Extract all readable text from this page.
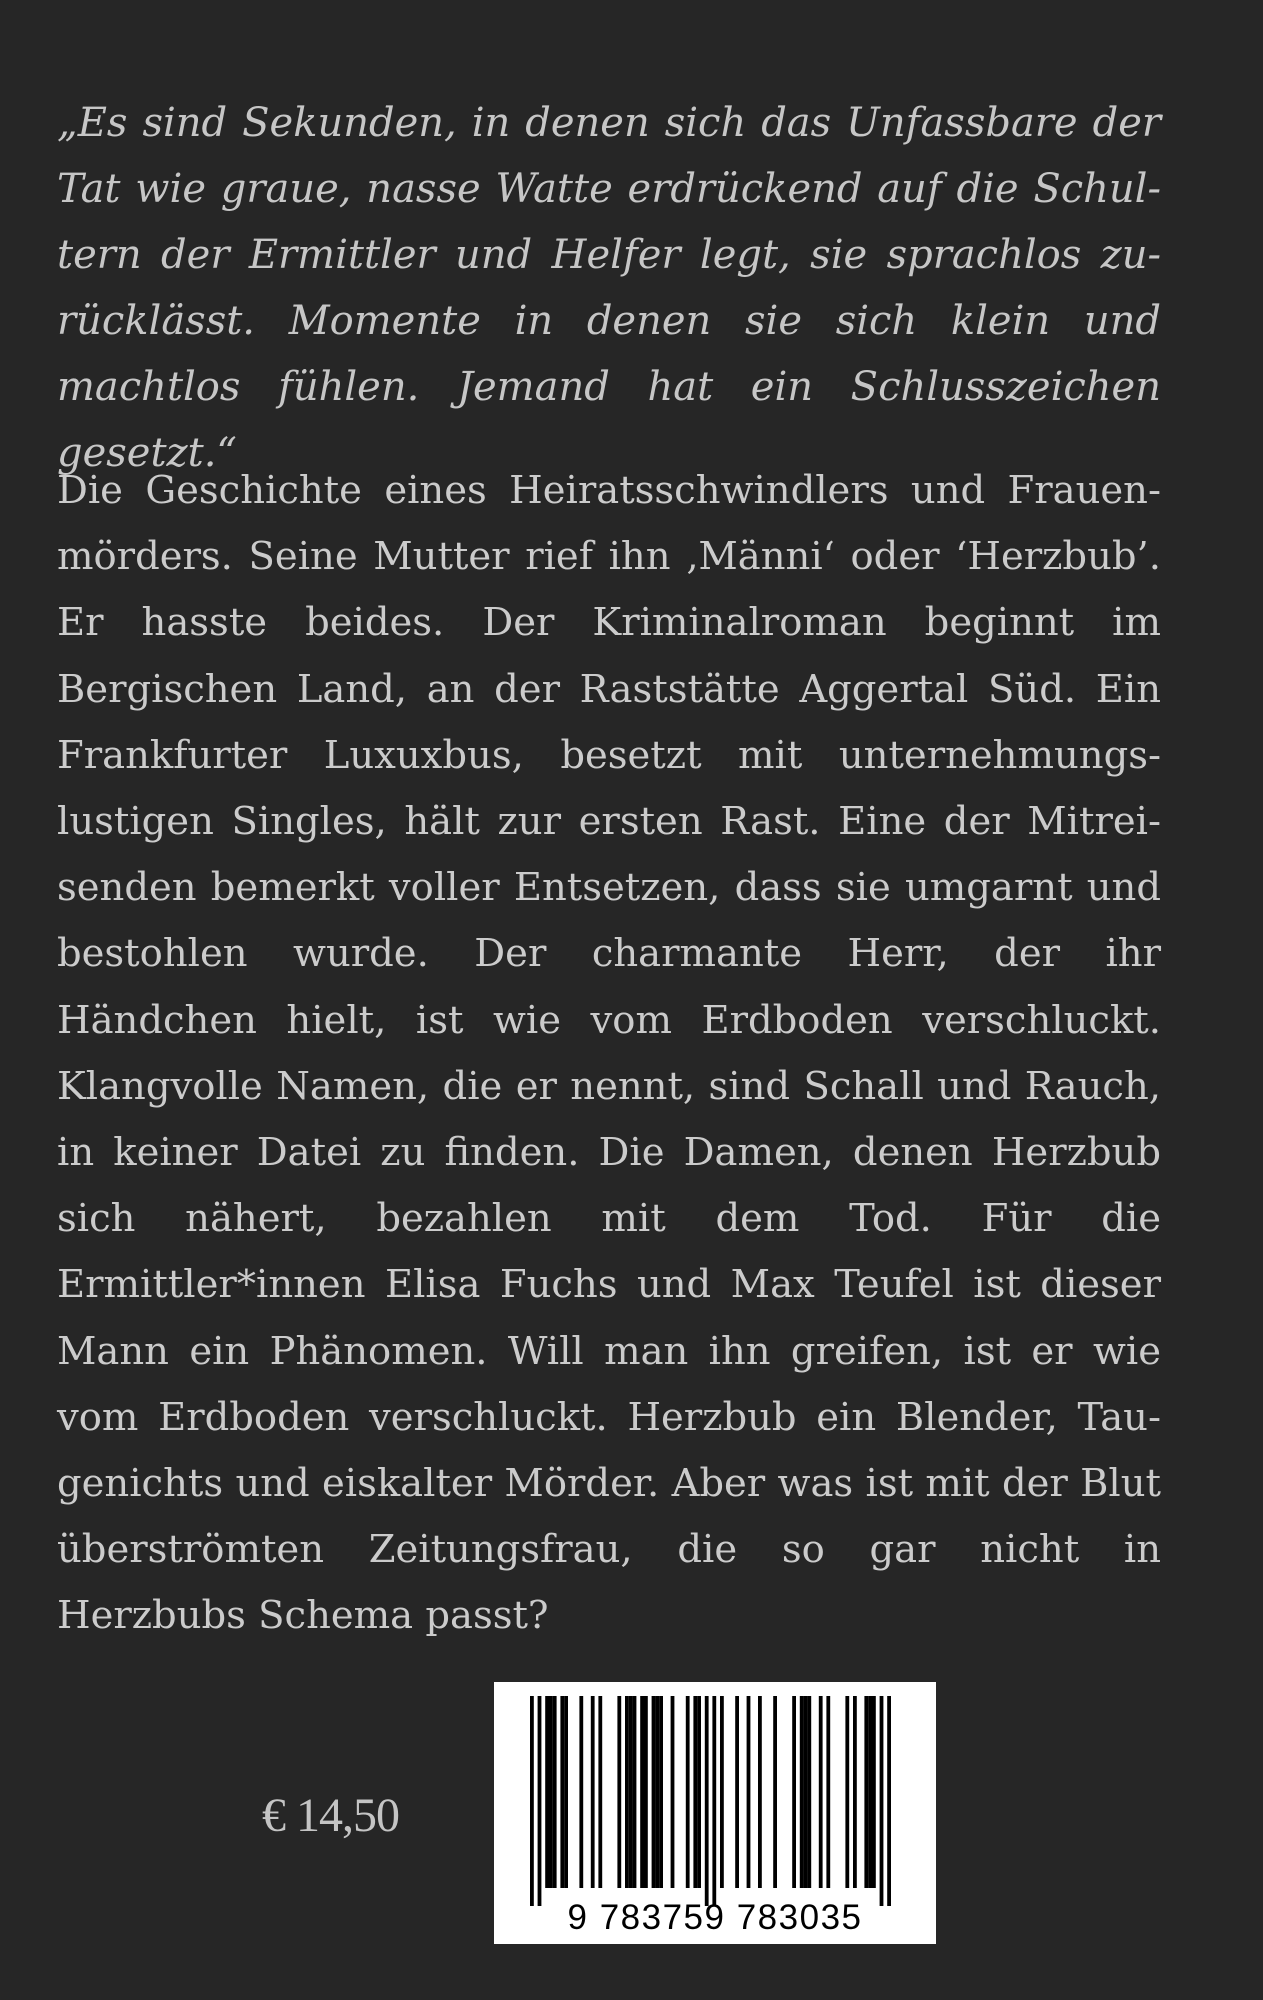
„Es sind Sekunden, in denen sich das Unfassbare der Tat wie graue, nasse Watte erdrückend auf die Schultern der Ermittler und Helfer legt, sie sprachlos zurücklässt. Momente in denen sie sich klein und machtlos fühlen. Jemand hat ein Schlusszeichen gesetzt.“

Die Geschichte eines Heiratsschwindlers und Frauenmörders. Seine Mutter rief ihn ‚Männi‘ oder ‘Herzbub’. Er hasste beides. Der Kriminalroman beginnt im Bergischen Land, an der Raststätte Aggertal Süd. Ein Frankfurter Luxuxbus, besetzt mit unternehmungslustigen Singles, hält zur ersten Rast. Eine der Mitreisenden bemerkt voller Entsetzen, dass sie umgarnt und bestohlen wurde. Der charmante Herr, der ihr Händchen hielt, ist wie vom Erdboden verschluckt. Klangvolle Namen, die er nennt, sind Schall und Rauch, in keiner Datei zu finden. Die Damen, denen Herzbub sich nähert, bezahlen mit dem Tod. Für die Ermittler*innen Elisa Fuchs und Max Teufel ist dieser Mann ein Phänomen. Will man ihn greifen, ist er wie vom Erdboden verschluckt. Herzbub ein Blender, Taugenichts und eiskalter Mörder. Aber was ist mit der Blut überströmten Zeitungsfrau, die so gar nicht in Herzbubs Schema passt?

€ 14,50
9 783759 783035
